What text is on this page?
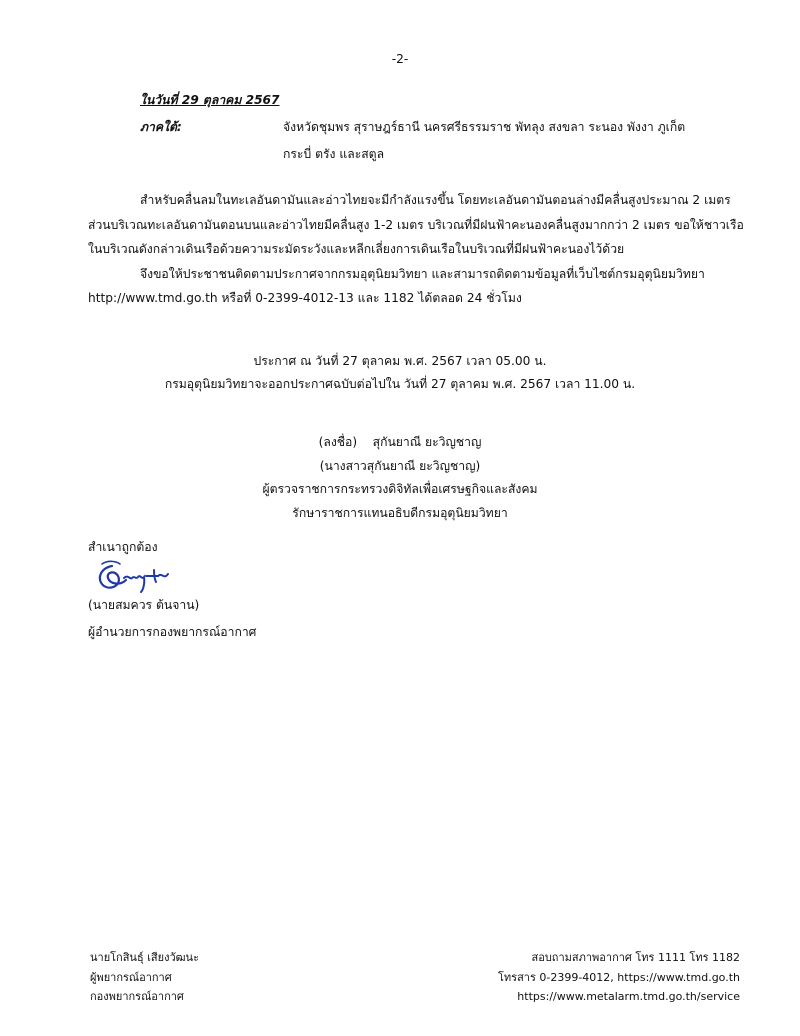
-2-
ในวันที่ 29 ตุลาคม 2567
ภาคใต้:	จังหวัดชุมพร สุราษฎร์ธานี นครศรีธรรมราช พัทลุง สงขลา ระนอง พังงา ภูเก็ต
กระบี่ ตรัง และสตูล
สำหรับคลื่นลมในทะเลอันดามันและอ่าวไทยจะมีกำลังแรงขึ้น โดยทะเลอันดามันตอนล่างมีคลื่นสูงประมาณ 2 เมตร
ส่วนบริเวณทะเลอันดามันตอนบนและอ่าวไทยมีคลื่นสูง 1-2 เมตร บริเวณที่มีฝนฟ้าคะนองคลื่นสูงมากกว่า 2 เมตร ขอให้ชาวเรือ
ในบริเวณดังกล่าวเดินเรือด้วยความระมัดระวังและหลีกเลี่ยงการเดินเรือในบริเวณที่มีฝนฟ้าคะนองไว้ด้วย
จึงขอให้ประชาชนติดตามประกาศจากกรมอุตุนิยมวิทยา และสามารถติดตามข้อมูลที่เว็บไซต์กรมอุตุนิยมวิทยา
http://www.tmd.go.th หรือที่ 0-2399-4012-13 และ 1182 ได้ตลอด 24 ชั่วโมง
ประกาศ ณ วันที่ 27 ตุลาคม พ.ศ. 2567 เวลา 05.00 น.
กรมอุตุนิยมวิทยาจะออกประกาศฉบับต่อไปใน วันที่ 27 ตุลาคม พ.ศ. 2567 เวลา 11.00 น.
(ลงชื่อ) สุกันยาณี ยะวิญชาญ
(นางสาวสุกันยาณี ยะวิญชาญ)
ผู้ตรวจราชการกระทรวงดิจิทัลเพื่อเศรษฐกิจและสังคม
รักษาราชการแทนอธิบดีกรมอุตุนิยมวิทยา
สำเนาถูกต้อง
(นายสมควร ต้นจาน)
ผู้อำนวยการกองพยากรณ์อากาศ
นายโกสินธุ์ เสียงวัฒนะ
ผู้พยากรณ์อากาศ
กองพยากรณ์อากาศ
สอบถามสภาพอากาศ โทร 1111 โทร 1182
โทรสาร 0-2399-4012, https://www.tmd.go.th
https://www.metalarm.tmd.go.th/service
